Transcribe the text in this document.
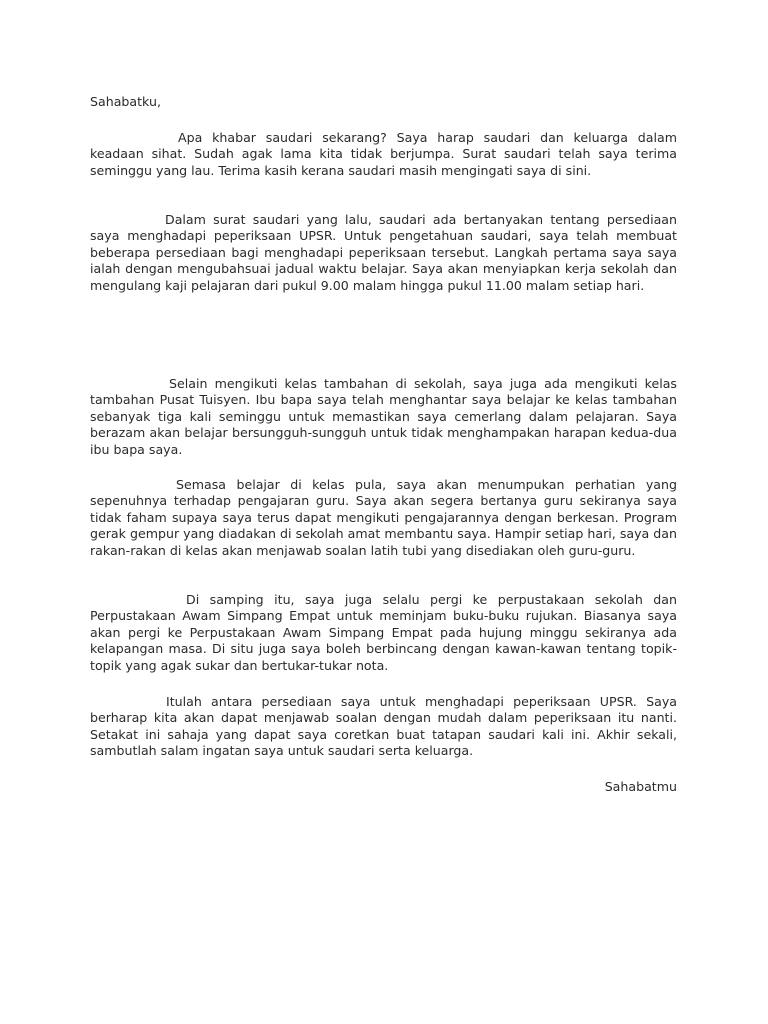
Sahabatku,

Apa khabar saudari sekarang? Saya harap saudari dan keluarga dalam keadaan sihat. Sudah agak lama kita tidak berjumpa. Surat saudari telah saya terima seminggu yang lau. Terima kasih kerana saudari masih mengingati saya di sini.

Dalam surat saudari yang lalu, saudari ada bertanyakan tentang persediaan saya menghadapi peperiksaan UPSR. Untuk pengetahuan saudari, saya telah membuat beberapa persediaan bagi menghadapi peperiksaan tersebut. Langkah pertama saya saya ialah dengan mengubahsuai jadual waktu belajar. Saya akan menyiapkan kerja sekolah dan mengulang kaji pelajaran dari pukul 9.00 malam hingga pukul 11.00 malam setiap hari.

Selain mengikuti kelas tambahan di sekolah, saya juga ada mengikuti kelas tambahan Pusat Tuisyen. Ibu bapa saya telah menghantar saya belajar ke kelas tambahan sebanyak tiga kali seminggu untuk memastikan saya cemerlang dalam pelajaran. Saya berazam akan belajar bersungguh-sungguh untuk tidak menghampakan harapan kedua-dua ibu bapa saya.

Semasa belajar di kelas pula, saya akan menumpukan perhatian yang sepenuhnya terhadap pengajaran guru. Saya akan segera bertanya guru sekiranya saya tidak faham supaya saya terus dapat mengikuti pengajarannya dengan berkesan. Program gerak gempur yang diadakan di sekolah amat membantu saya. Hampir setiap hari, saya dan rakan-rakan di kelas akan menjawab soalan latih tubi yang disediakan oleh guru-guru.

Di samping itu, saya juga selalu pergi ke perpustakaan sekolah dan Perpustakaan Awam Simpang Empat untuk meminjam buku-buku rujukan. Biasanya saya akan pergi ke Perpustakaan Awam Simpang Empat pada hujung minggu sekiranya ada kelapangan masa. Di situ juga saya boleh berbincang dengan kawan-kawan tentang topik-topik yang agak sukar dan bertukar-tukar nota.

Itulah antara persediaan saya untuk menghadapi peperiksaan UPSR. Saya berharap kita akan dapat menjawab soalan dengan mudah dalam peperiksaan itu nanti. Setakat ini sahaja yang dapat saya coretkan buat tatapan saudari kali ini. Akhir sekali, sambutlah salam ingatan saya untuk saudari serta keluarga.

Sahabatmu
